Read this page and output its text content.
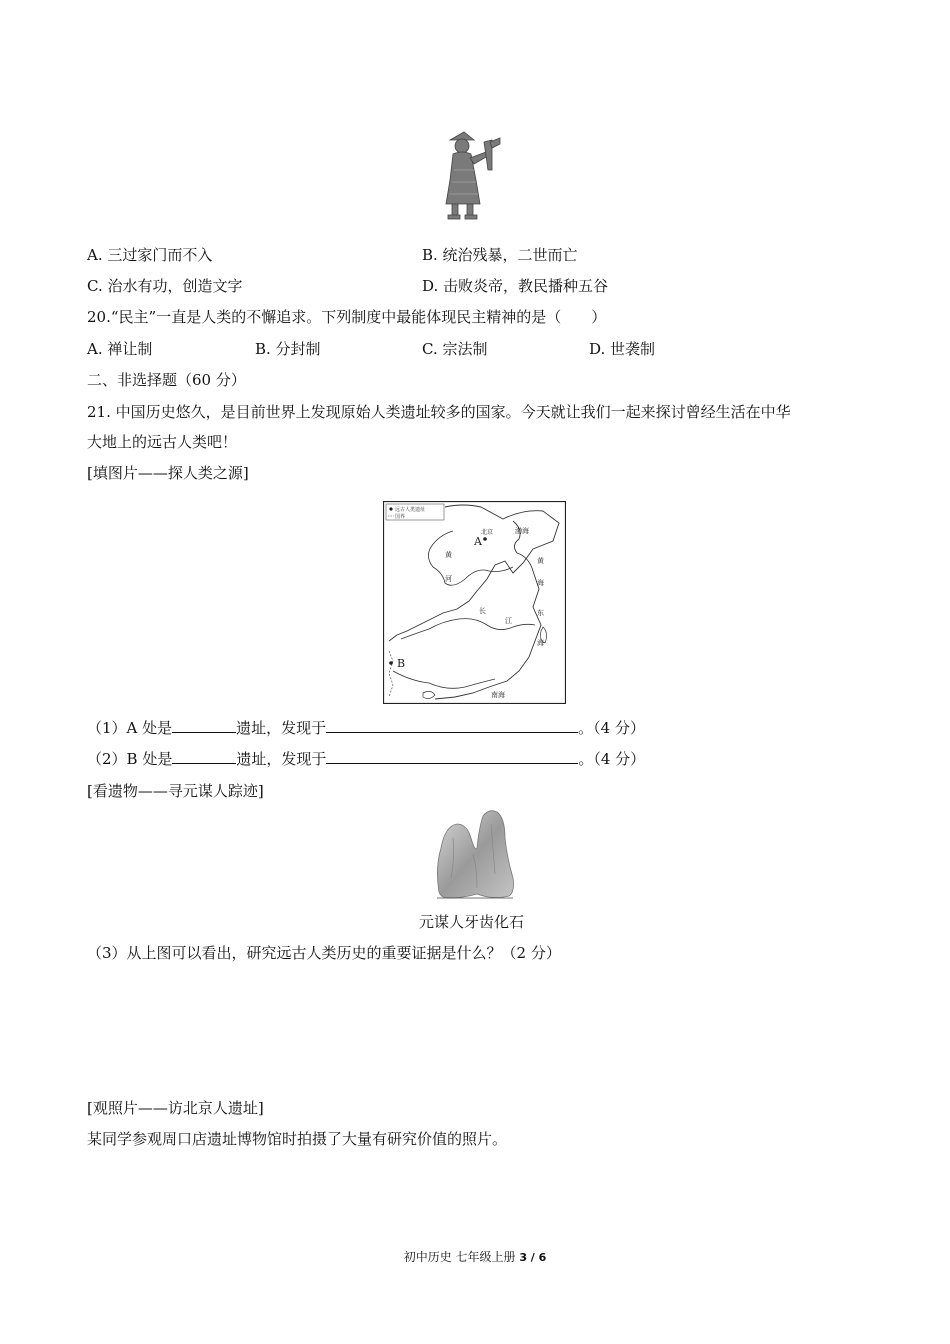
A. 三过家门而不入	B. 统治残暴，二世而亡
C. 治水有功，创造文字	D. 击败炎帝，教民播种五谷
20.“民主”一直是人类的不懈追求。下列制度中最能体现民主精神的是（　　）
A. 禅让制	B. 分封制	C. 宗法制	D. 世袭制
二、非选择题（60 分）
21. 中国历史悠久，是目前世界上发现原始人类遗址较多的国家。今天就让我们一起来探讨曾经生活在中华
大地上的远古人类吧！
[填图片——探人类之源]
远古人类遗址
国界
北京
A
B
渤海
黄
河
黄
海
长
江
东
海
南海
（1）A 处是	遗址，发现于	。（4 分）
（2）B 处是	遗址，发现于	。（4 分）
[看遗物——寻元谋人踪迹]
元谋人牙齿化石
（3）从上图可以看出，研究远古人类历史的重要证据是什么？（2 分）
[观照片——访北京人遗址]
某同学参观周口店遗址博物馆时拍摄了大量有研究价值的照片。
初中历史 七年级上册 3 / 6
